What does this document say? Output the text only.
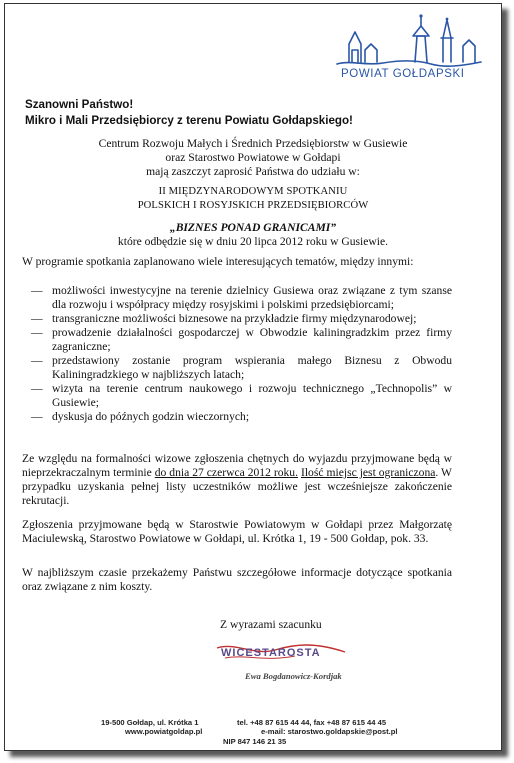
POWIAT GOŁDAPSKI
Szanowni Państwo!
Mikro i Mali Przedsiębiorcy z terenu Powiatu Gołdapskiego!
Centrum Rozwoju Małych i Średnich Przedsiębiorstw w Gusiewie
oraz Starostwo Powiatowe w Gołdapi
mają zaszczyt zaprosić Państwa do udziału w:
II MIĘDZYNARODOWYM SPOTKANIU
POLSKICH I ROSYJSKICH PRZEDSIĘBIORCÓW
„BIZNES PONAD GRANICAMI”
które odbędzie się w dniu 20 lipca 2012 roku w Gusiewie.
W programie spotkania zaplanowano wiele interesujących tematów, między innymi:
— możliwości inwestycyjne na terenie dzielnicy Gusiewa oraz związane z tym szanse dla rozwoju i współpracy między rosyjskimi i polskimi przedsiębiorcami;
— transgraniczne możliwości biznesowe na przykładzie firmy międzynarodowej;
— prowadzenie działalności gospodarczej w Obwodzie kaliningradzkim przez firmy zagraniczne;
— przedstawiony zostanie program wspierania małego Biznesu z Obwodu Kaliningradzkiego w najbliższych latach;
— wizyta na terenie centrum naukowego i rozwoju technicznego „Technopolis” w Gusiewie;
— dyskusja do późnych godzin wieczornych;
Ze względu na formalności wizowe zgłoszenia chętnych do wyjazdu przyjmowane będą w nieprzekraczalnym terminie do dnia 27 czerwca 2012 roku. Ilość miejsc jest ograniczona. W przypadku uzyskania pełnej listy uczestników możliwe jest wcześniejsze zakończenie rekrutacji.
Zgłoszenia przyjmowane będą w Starostwie Powiatowym w Gołdapi przez Małgorzatę Maciulewską, Starostwo Powiatowe w Gołdapi, ul. Krótka 1, 19 - 500 Gołdap, pok. 33.
W najbliższym czasie przekażemy Państwu szczegółowe informacje dotyczące spotkania oraz związane z nim koszty.
Z wyrazami szacunku
WICESTAROSTA
Ewa Bogdanowicz-Kordjak
19-500 Gołdap, ul. Krótka 1
www.powiatgoldap.pl
tel. +48 87 615 44 44, fax +48 87 615 44 45
e-mail: starostwo.goldapskie@post.pl
NIP 847 146 21 35
